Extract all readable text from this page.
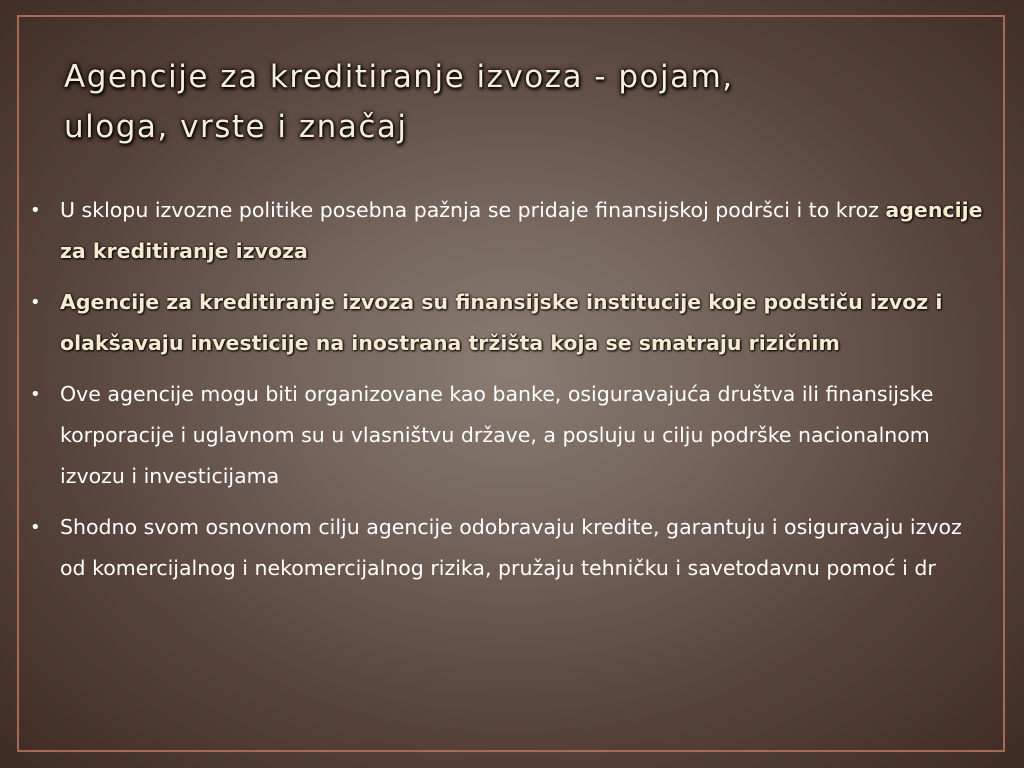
Agencije za kreditiranje izvoza - pojam,
uloga, vrste i značaj
• U sklopu izvozne politike posebna pažnja se pridaje finansijskoj podršci i to kroz agencije za kreditiranje izvoza
• Agencije za kreditiranje izvoza su finansijske institucije koje podstiču izvoz i olakšavaju investicije na inostrana tržišta koja se smatraju rizičnim
• Ove agencije mogu biti organizovane kao banke, osiguravajuća društva ili finansijske korporacije i uglavnom su u vlasništvu države, a posluju u cilju podrške nacionalnom izvozu i investicijama
• Shodno svom osnovnom cilju agencije odobravaju kredite, garantuju i osiguravaju izvoz od komercijalnog i nekomercijalnog rizika, pružaju tehničku i savetodavnu pomoć i dr
